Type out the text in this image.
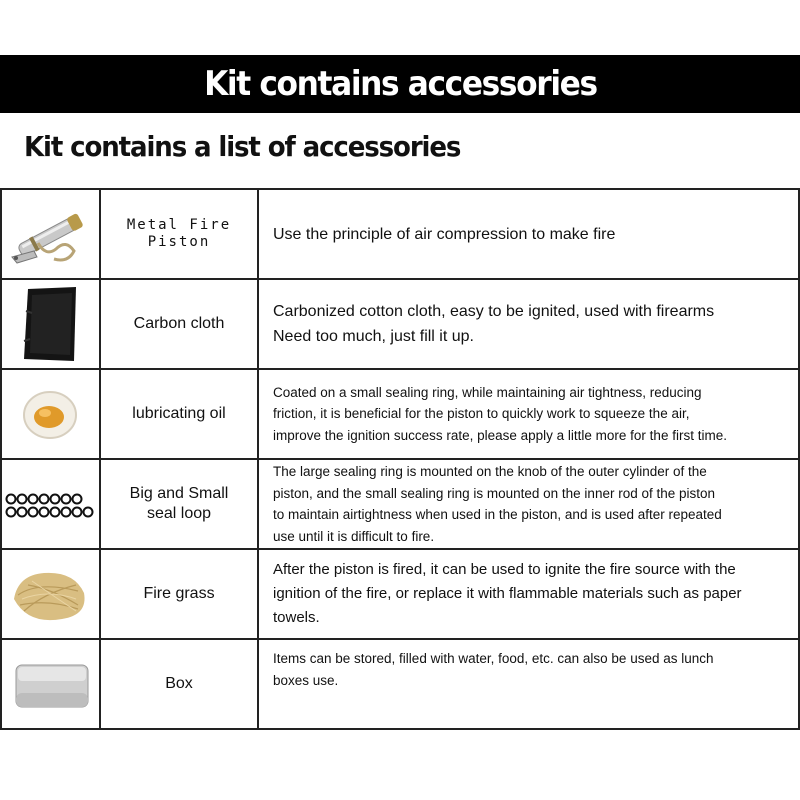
Kit contains accessories
Kit contains a list of accessories

Metal Fire
Piston	Use the principle of air compression to make fire

Carbon cloth	Carbonized cotton cloth, easy to be ignited, used with firearms
Need too much, just fill it up.

lubricating oil	Coated on a small sealing ring, while maintaining air tightness, reducing
friction, it is beneficial for the piston to quickly work to squeeze the air,
improve the ignition success rate, please apply a little more for the first time.

Big and Small
seal loop	The large sealing ring is mounted on the knob of the outer cylinder of the
piston, and the small sealing ring is mounted on the inner rod of the piston
to maintain airtightness when used in the piston, and is used after repeated
use until it is difficult to fire.

Fire grass	After the piston is fired, it can be used to ignite the fire source with the
ignition of the fire, or replace it with flammable materials such as paper
towels.

Box	Items can be stored, filled with water, food, etc. can also be used as lunch
boxes use.
